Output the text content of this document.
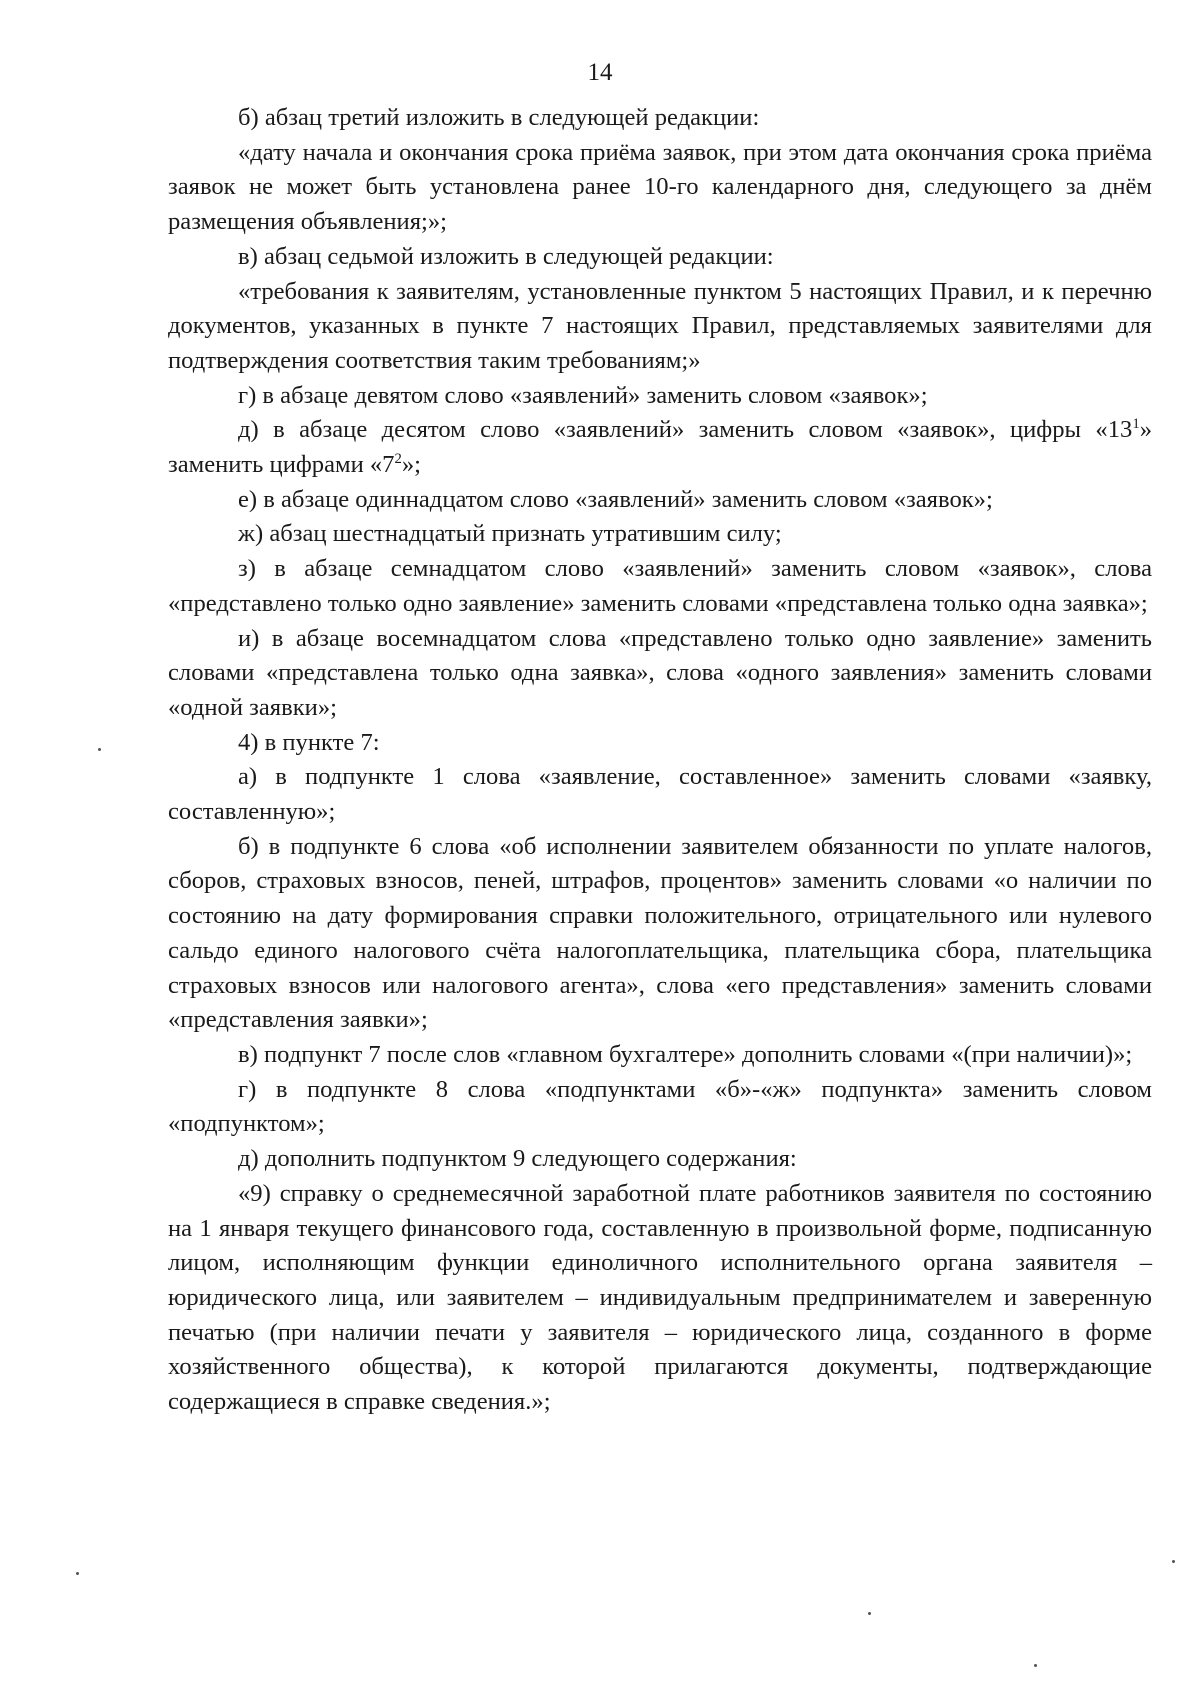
14

б) абзац третий изложить в следующей редакции:

«дату начала и окончания срока приёма заявок, при этом дата окончания срока приёма заявок не может быть установлена ранее 10-го календарного дня, следующего за днём размещения объявления;»;

в) абзац седьмой изложить в следующей редакции:

«требования к заявителям, установленные пунктом 5 настоящих Правил, и к перечню документов, указанных в пункте 7 настоящих Правил, представляемых заявителями для подтверждения соответствия таким требованиям;»

г) в абзаце девятом слово «заявлений» заменить словом «заявок»;

д) в абзаце десятом слово «заявлений» заменить словом «заявок», цифры «$13^1$» заменить цифрами «$7^2$»;

е) в абзаце одиннадцатом слово «заявлений» заменить словом «заявок»;

ж) абзац шестнадцатый признать утратившим силу;

з) в абзаце семнадцатом слово «заявлений» заменить словом «заявок», слова «представлено только одно заявление» заменить словами «представлена только одна заявка»;

и) в абзаце восемнадцатом слова «представлено только одно заявление» заменить словами «представлена только одна заявка», слова «одного заявления» заменить словами «одной заявки»;

4) в пункте 7:

а) в подпункте 1 слова «заявление, составленное» заменить словами «заявку, составленную»;

б) в подпункте 6 слова «об исполнении заявителем обязанности по уплате налогов, сборов, страховых взносов, пеней, штрафов, процентов» заменить словами «о наличии по состоянию на дату формирования справки положительного, отрицательного или нулевого сальдо единого налогового счёта налогоплательщика, плательщика сбора, плательщика страховых взносов или налогового агента», слова «его представления» заменить словами «представления заявки»;

в) подпункт 7 после слов «главном бухгалтере» дополнить словами «(при наличии)»;

г) в подпункте 8 слова «подпунктами «б»-«ж» подпункта» заменить словом «подпунктом»;

д) дополнить подпунктом 9 следующего содержания:

«9) справку о среднемесячной заработной плате работников заявителя по состоянию на 1 января текущего финансового года, составленную в произвольной форме, подписанную лицом, исполняющим функции единоличного исполнительного органа заявителя – юридического лица, или заявителем – индивидуальным предпринимателем и заверенную печатью (при наличии печати у заявителя – юридического лица, созданного в форме хозяйственного общества), к которой прилагаются документы, подтверждающие содержащиеся в справке сведения.»;
